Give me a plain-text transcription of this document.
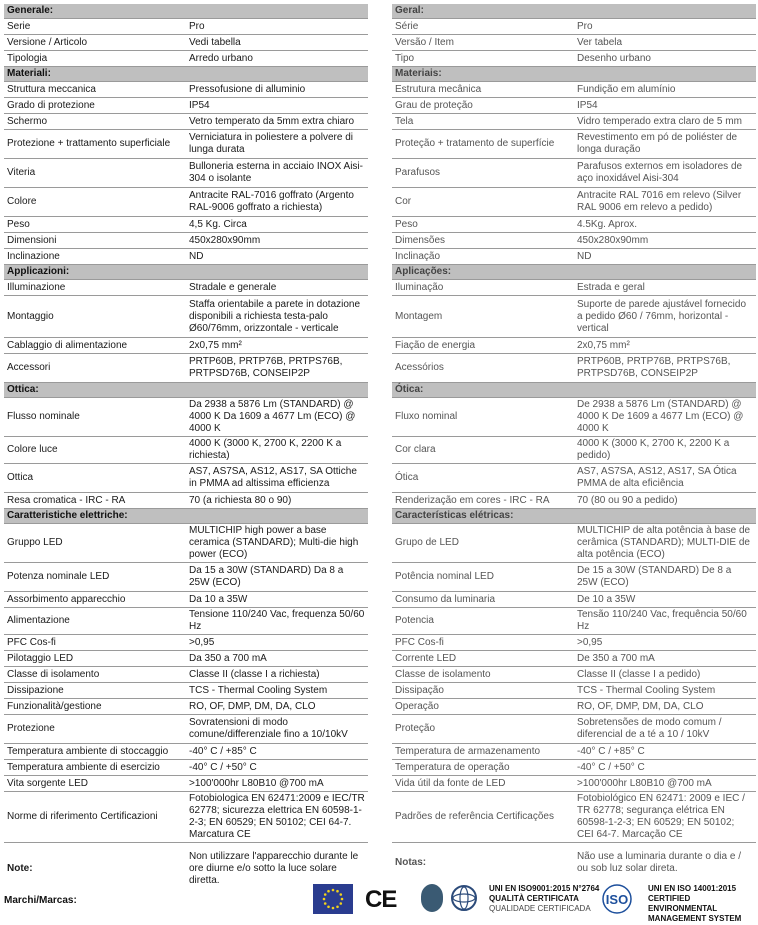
Generale:	
Serie	Pro
Versione / Articolo	Vedi tabella
Tipologia	Arredo urbano
Materiali:	
Struttura meccanica	Pressofusione di alluminio
Grado di protezione	IP54
Schermo	Vetro temperato da 5mm extra chiaro
Protezione + trattamento superficiale	Verniciatura in poliestere a polvere di lunga durata
Viteria	Bulloneria esterna in acciaio INOX Aisi-304 o isolante
Colore	Antracite RAL-7016 goffrato (Argento RAL-9006 goffrato a richiesta)
Peso	4,5 Kg. Circa
Dimensioni	450x280x90mm
Inclinazione	ND
Applicazioni:	
Illuminazione	Stradale e generale
Montaggio	Staffa orientabile a parete in dotazione disponibili a richiesta testa-palo Ø60/76mm, orizzontale - verticale
Cablaggio di alimentazione	2x0,75 mm²
Accessori	PRTP60B, PRTP76B, PRTPS76B, PRTPSD76B, CONSEIP2P
Ottica:	
Flusso nominale	Da 2938 a 5876 Lm (STANDARD) @ 4000 K Da 1609 a 4677 Lm (ECO) @ 4000 K
Colore luce	4000 K (3000 K, 2700 K, 2200 K a richiesta)
Ottica	AS7, AS7SA, AS12, AS17, SA Ottiche in PMMA ad altissima efficienza
Resa cromatica - IRC - RA	70 (a richiesta 80 o 90)
Caratteristiche elettriche:	
Gruppo LED	MULTICHIP high power a base ceramica (STANDARD); Multi-die high power (ECO)
Potenza nominale LED	Da 15 a 30W (STANDARD) Da 8 a 25W (ECO)
Assorbimento apparecchio	Da 10 a 35W
Alimentazione	Tensione 110/240 Vac, frequenza 50/60 Hz
PFC Cos-fi	>0,95
Pilotaggio LED	Da 350 a 700 mA
Classe di isolamento	Classe II (classe I a richiesta)
Dissipazione	TCS - Thermal Cooling System
Funzionalità/gestione	RO, OF, DMP, DM, DA, CLO
Protezione	Sovratensioni di modo comune/differenziale fino a 10/10kV
Temperatura ambiente di stoccaggio	-40° C / +85° C
Temperatura ambiente di esercizio	-40° C / +50° C
Vita sorgente LED	>100'000hr L80B10 @700 mA
Norme di riferimento Certificazioni	Fotobiologica EN 62471:2009 e IEC/TR 62778; sicurezza elettrica EN 60598-1-2-3; EN 60529; EN 50102; CEI 64-7. Marcatura CE
Note:	Non utilizzare l'apparecchio durante le ore diurne e/o sotto la luce solare diretta.
Geral:	
Série	Pro
Versão / Item	Ver tabela
Tipo	Desenho urbano
Materiais:	
Estrutura mecânica	Fundição em alumínio
Grau de proteção	IP54
Tela	Vidro temperado extra claro de 5 mm
Proteção + tratamento de superfície	Revestimento em pó de poliéster de longa duração
Parafusos	Parafusos externos em isoladores de aço inoxidável Aisi-304
Cor	Antracite RAL 7016 em relevo (Silver RAL 9006 em relevo a pedido)
Peso	4.5Kg. Aprox.
Dimensões	450x280x90mm
Inclinação	ND
Aplicações:	
Iluminação	Estrada e geral
Montagem	Suporte de parede ajustável fornecido a pedido Ø60 / 76mm, horizontal - vertical
Fiação de energia	2x0,75 mm²
Acessórios	PRTP60B, PRTP76B, PRTPS76B, PRTPSD76B, CONSEIP2P
Ótica:	
Fluxo nominal	De 2938 a 5876 Lm (STANDARD) @ 4000 K De 1609 a 4677 Lm (ECO) @ 4000 K
Cor clara	4000 K (3000 K, 2700 K, 2200 K a pedido)
Ótica	AS7, AS7SA, AS12, AS17, SA Ótica PMMA de alta eficiência
Renderização em cores - IRC - RA	70 (80 ou 90 a pedido)
Características elétricas:	
Grupo de LED	MULTICHIP de alta potência à base de cerâmica (STANDARD); MULTI-DIE de alta potência (ECO)
Potência nominal LED	De 15 a 30W (STANDARD) De 8 a 25W (ECO)
Consumo da luminaria	De 10 a 35W
Potencia	Tensão 110/240 Vac, frequência 50/60 Hz
PFC Cos-fi	>0,95
Corrente LED	De 350 a 700 mA
Classe de isolamento	Classe II (classe I a pedido)
Dissipação	TCS - Thermal Cooling System
Operação	RO, OF, DMP, DM, DA, CLO
Proteção	Sobretensões de modo comum / diferencial de a té a 10 / 10kV
Temperatura de armazenamento	-40° C / +85° C
Temperatura de operação	-40° C / +50° C
Vida útil da fonte de LED	>100'000hr L80B10 @700 mA
Padrões de referência Certificações	Fotobiológico EN 62471: 2009 e IEC / TR 62778; segurança elétrica EN 60598-1-2-3; EN 60529; EN 50102; CEI 64-7. Marcação CE
Notas:	Não use a luminaria durante o dia e / ou sob luz solar direta.
Marchi/Marcas:	CE	UNI EN ISO9001:2015 N°2764
QUALITÀ CERTIFICATA
QUALIDADE CERTIFICADA
ISO
UNI EN ISO 14001:2015
CERTIFIED ENVIRONMENTAL
MANAGEMENT SYSTEM
